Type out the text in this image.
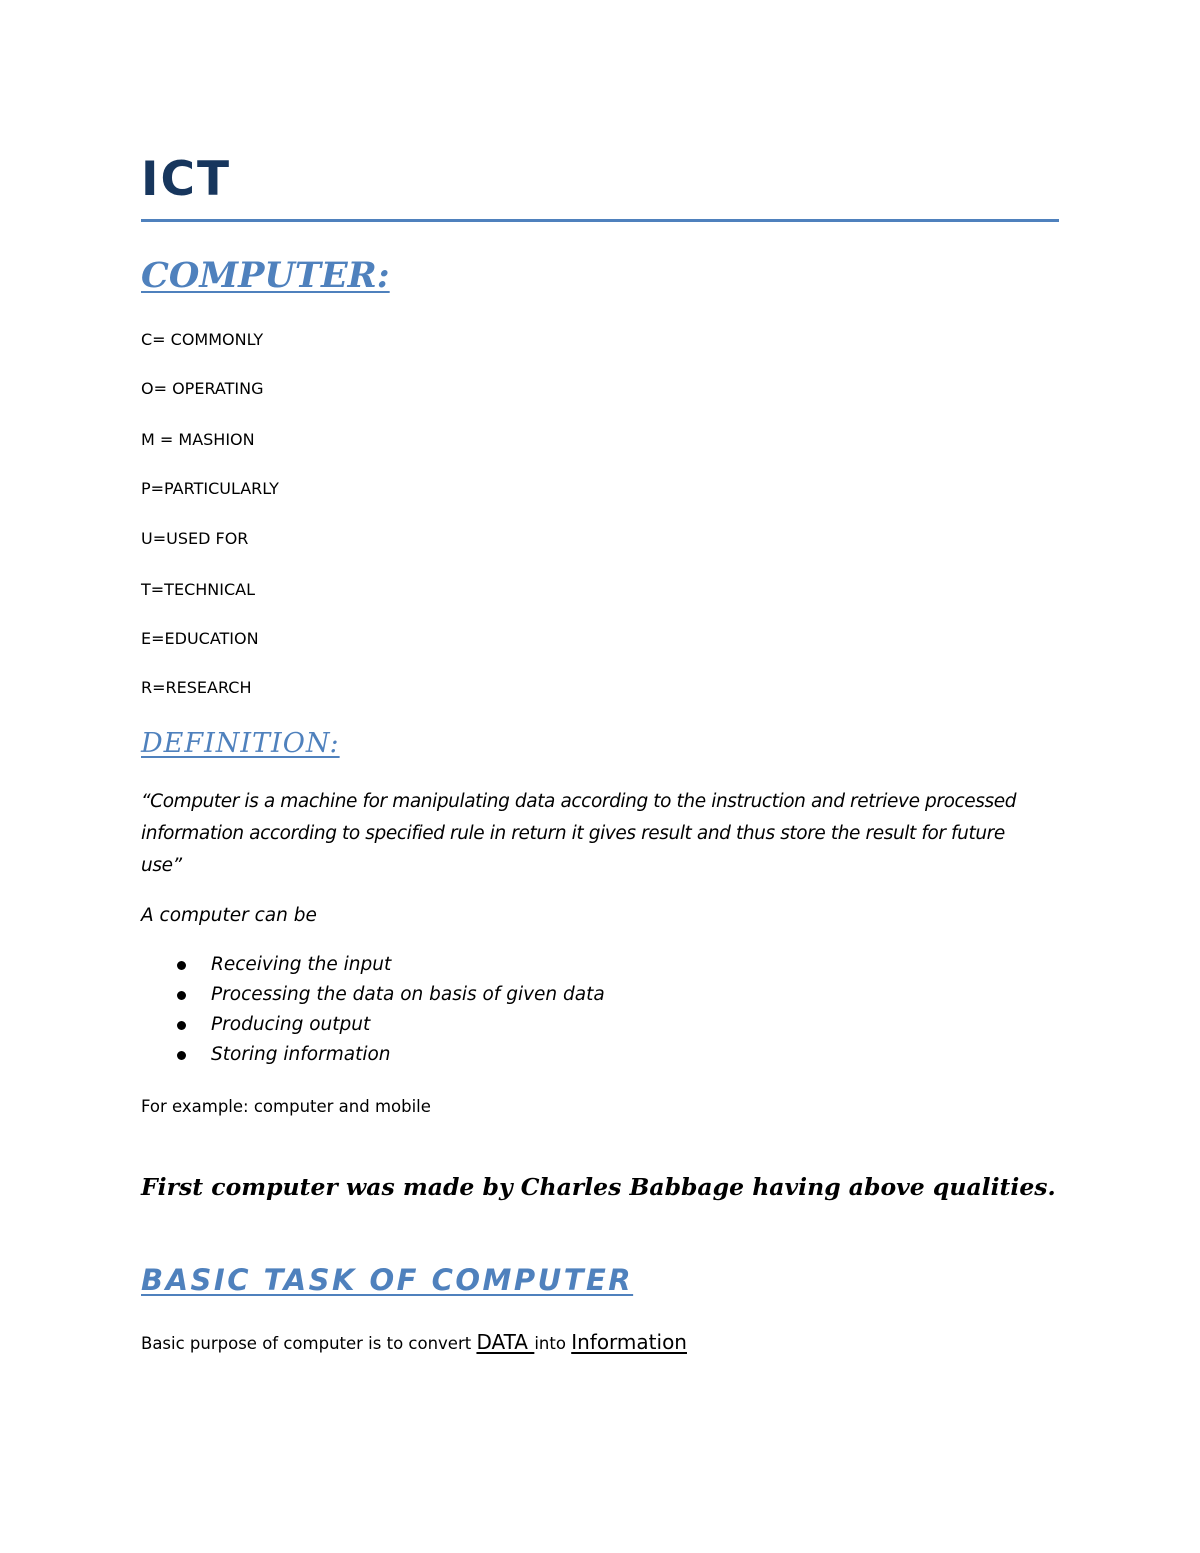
ICT
COMPUTER:
C= COMMONLY
O= OPERATING
M = MASHION
P=PARTICULARLY
U=USED FOR
T=TECHNICAL
E=EDUCATION
R=RESEARCH
DEFINITION:
“Computer is a machine for manipulating data according to the instruction and retrieve processed information according to specified rule in return it gives result and thus store the result for future use”
A computer can be
Receiving the input
Processing the data on basis of given data
Producing output
Storing information
For example: computer and mobile
First computer was made by Charles Babbage having above qualities.
BASIC TASK OF COMPUTER
Basic purpose of computer is to convert DATA into Information
